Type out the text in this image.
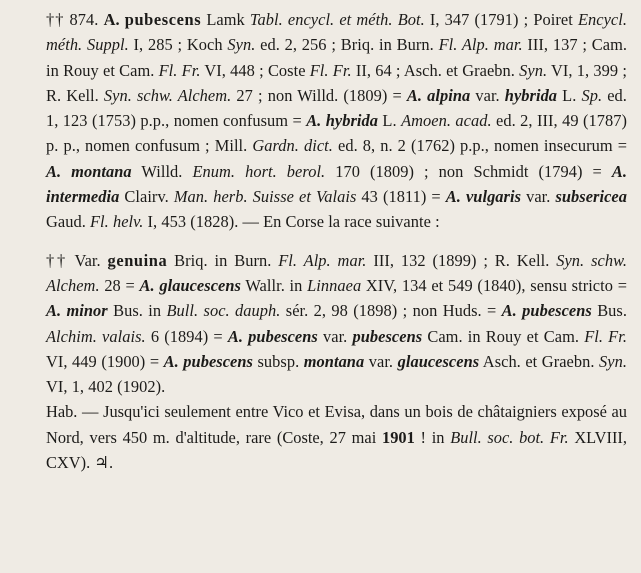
†† 874. A. pubescens Lamk Tabl. encycl. et méth. Bot. I, 347 (1791) ; Poiret Encycl. méth. Suppl. I, 285 ; Koch Syn. ed. 2, 256 ; Briq. in Burn. Fl. Alp. mar. III, 137 ; Cam. in Rouy et Cam. Fl. Fr. VI, 448 ; Coste Fl. Fr. II, 64 ; Asch. et Graebn. Syn. VI, 1, 399 ; R. Kell. Syn. schw. Alchem. 27 ; non Willd. (1809) = A. alpina var. hybrida L. Sp. ed. 1, 123 (1753) p.p., nomen confusum = A. hybrida L. Amoen. acad. ed. 2, III, 49 (1787) p. p., nomen confusum ; Mill. Gardn. dict. ed. 8, n. 2 (1762) p.p., nomen insecurum = A. montana Willd. Enum. hort. berol. 170 (1809) ; non Schmidt (1794) = A. intermedia Clairv. Man. herb. Suisse et Valais 43 (1811) = A. vulgaris var. subsericea Gaud. Fl. helv. I, 453 (1828). — En Corse la race suivante :

†† Var. genuina Briq. in Burn. Fl. Alp. mar. III, 132 (1899) ; R. Kell. Syn. schw. Alchem. 28 = A. glaucescens Wallr. in Linnaea XIV, 134 et 549 (1840), sensu stricto = A. minor Bus. in Bull. soc. dauph. sér. 2, 98 (1898) ; non Huds. = A. pubescens Bus. Alchim. valais. 6 (1894) = A. pubescens var. pubescens Cam. in Rouy et Cam. Fl. Fr. VI, 449 (1900) = A. pubescens subsp. montana var. glaucescens Asch. et Graebn. Syn. VI, 1, 402 (1902).

Hab. — Jusqu'ici seulement entre Vico et Evisa, dans un bois de châtaigniers exposé au Nord, vers 450 m. d'altitude, rare (Coste, 27 mai 1901 ! in Bull. soc. bot. Fr. XLVIII, CXV). ♃.
